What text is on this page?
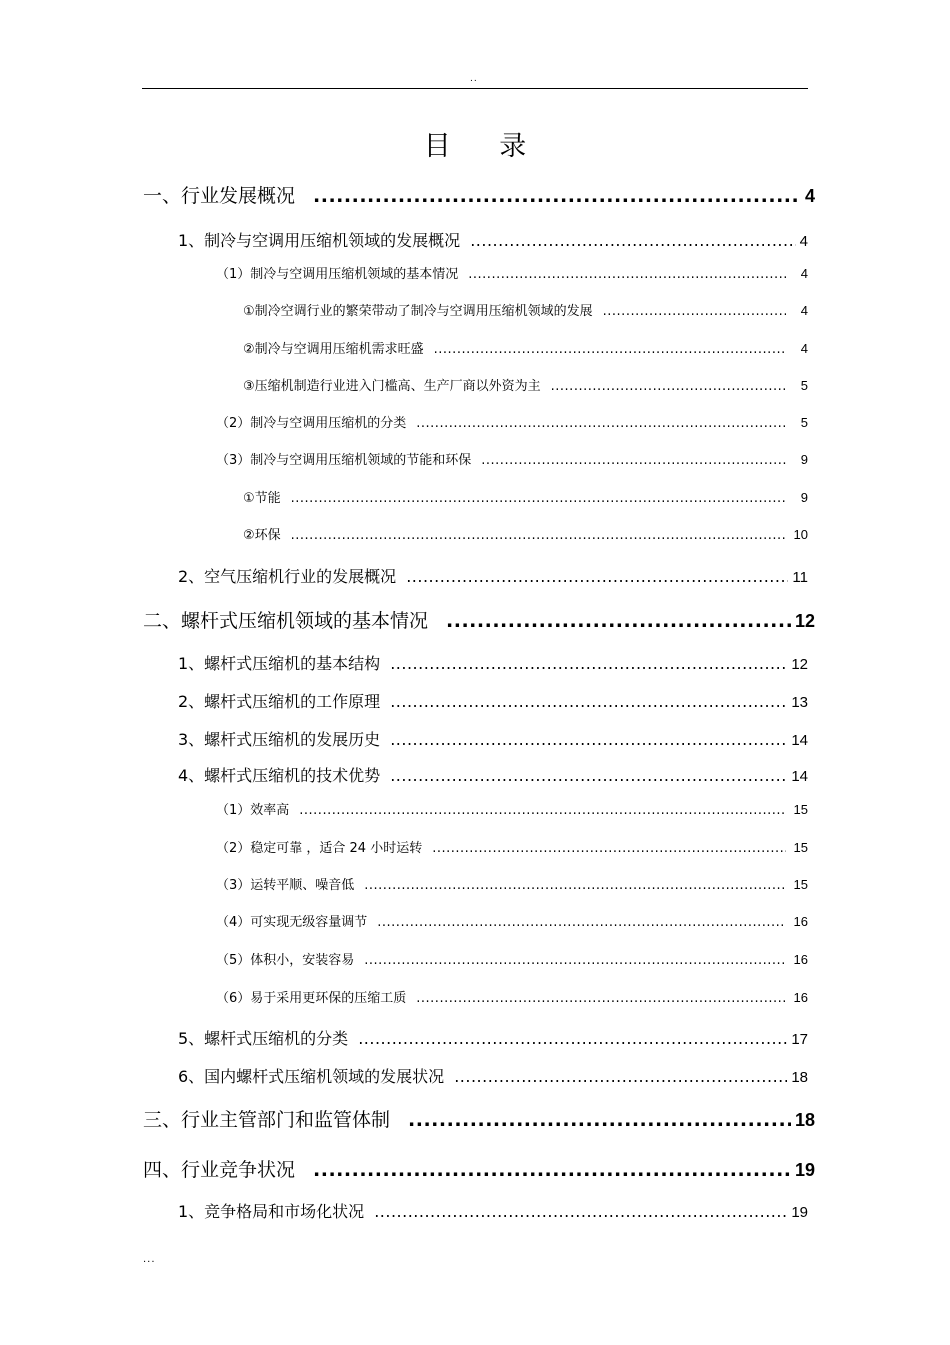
..
目 录
一、行业发展概况 .....	4
1、制冷与空调用压缩机领域的发展概况 .....	4
（1）制冷与空调用压缩机领域的基本情况 .....	4
①制冷空调行业的繁荣带动了制冷与空调用压缩机领域的发展 .....	4
②制冷与空调用压缩机需求旺盛 .....	4
③压缩机制造行业进入门槛高、生产厂商以外资为主 .....	5
（2）制冷与空调用压缩机的分类 .....	5
（3）制冷与空调用压缩机领域的节能和环保 .....	9
①节能 .....	9
②环保 .....	10
2、空气压缩机行业的发展概况 .....	11
二、螺杆式压缩机领域的基本情况 .....	12
1、螺杆式压缩机的基本结构 .....	12
2、螺杆式压缩机的工作原理 .....	13
3、螺杆式压缩机的发展历史 .....	14
4、螺杆式压缩机的技术优势 .....	14
（1）效率高 .....	15
（2）稳定可靠 ，适合 24 小时运转 .....	15
（3）运转平顺、噪音低 .....	15
（4）可实现无级容量调节 .....	16
（5）体积小，安装容易 .....	16
（6）易于采用更环保的压缩工质 .....	16
5、螺杆式压缩机的分类 .....	17
6、国内螺杆式压缩机领域的发展状况 .....	18
三、行业主管部门和监管体制 .....	18
四、行业竞争状况 .....	19
1、竞争格局和市场化状况 .....	19
...
